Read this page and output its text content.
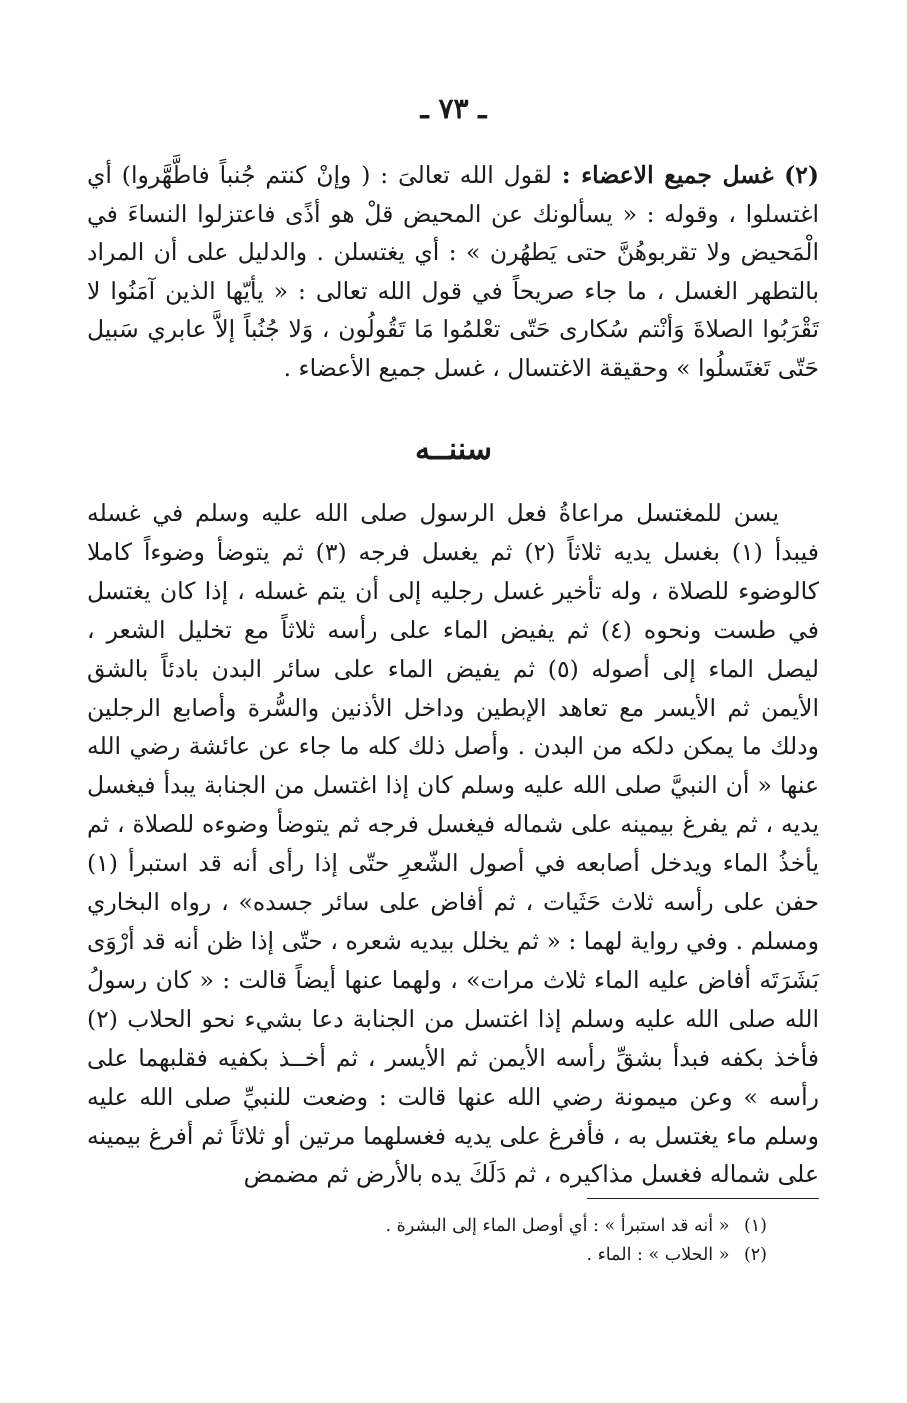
ـ ٧٣ ـ
(٢) غسل جميع الاعضاء : لقول الله تعالىَ : ( وإنْ كنتم جُنباً فاطَّهَّروا) أي اغتسلوا ، وقوله : « يسألونك عن المحيض قلْ هو أذًى فاعتزلوا النساءَ في الْمَحيض ولا تقربوهُنَّ حتى يَطهُرن » : أي يغتسلن . والدليل على أن المراد بالتطهر الغسل ، ما جاء صريحاً في قول الله تعالى : « يأيّها الذين آمَنُوا لا تَقْرَبُوا الصلاةَ وَأنْتم سُكارى حَتّى تعْلمُوا مَا تَقُولُون ، وَلا جُنُباً إلاَّ عابري سَبيل حَتّى تَغتَسلُوا » وحقيقة الاغتسال ، غسل جميع الأعضاء .
سننــه
يسن للمغتسل مراعاةُ فعل الرسول صلى الله عليه وسلم في غسله فيبدأ (١) بغسل يديه ثلاثاً (٢) ثم يغسل فرجه (٣) ثم يتوضأ وضوءاً كاملا كالوضوء للصلاة ، وله تأخير غسل رجليه إلى أن يتم غسله ، إذا كان يغتسل في طست ونحوه (٤) ثم يفيض الماء على رأسه ثلاثاً مع تخليل الشعر ، ليصل الماء إلى أصوله (٥) ثم يفيض الماء على سائر البدن بادئاً بالشق الأيمن ثم الأيسر مع تعاهد الإبطين وداخل الأذنين والسُّرة وأصابع الرجلين ودلك ما يمكن دلكه من البدن . وأصل ذلك كله ما جاء عن عائشة رضي الله عنها « أن النبيَّ صلى الله عليه وسلم كان إذا اغتسل من الجنابة يبدأ فيغسل يديه ، ثم يفرغ بيمينه على شماله فيغسل فرجه ثم يتوضأ وضوءه للصلاة ، ثم يأخذُ الماء ويدخل أصابعه في أصول الشّعرِ حتّى إذا رأى أنه قد استبرأ (١) حفن على رأسه ثلاث حَثَيات ، ثم أفاض على سائر جسده» ، رواه البخاري ومسلم . وفي رواية لهما : « ثم يخلل بيديه شعره ، حتّى إذا ظن أنه قد أرْوَى بَشَرَتَه أفاض عليه الماء ثلاث مرات» ، ولهما عنها أيضاً قالت : « كان رسولُ الله صلى الله عليه وسلم إذا اغتسل من الجنابة دعا بشيء نحو الحلاب (٢) فأخذ بكفه فبدأ بشقِّ رأسه الأيمن ثم الأيسر ، ثم أخــذ بكفيه فقلبهما على رأسه » وعن ميمونة رضي الله عنها قالت : وضعت للنبيِّ صلى الله عليه وسلم ماء يغتسل به ، فأفرغ على يديه فغسلهما مرتين أو ثلاثاً ثم أفرغ بيمينه على شماله فغسل مذاكيره ، ثم دَلَكَ يده بالأرض ثم مضمض
(١) « أنه قد استبرأ » : أي أوصل الماء إلى البشرة .
(٢) « الحلاب » : الماء .
